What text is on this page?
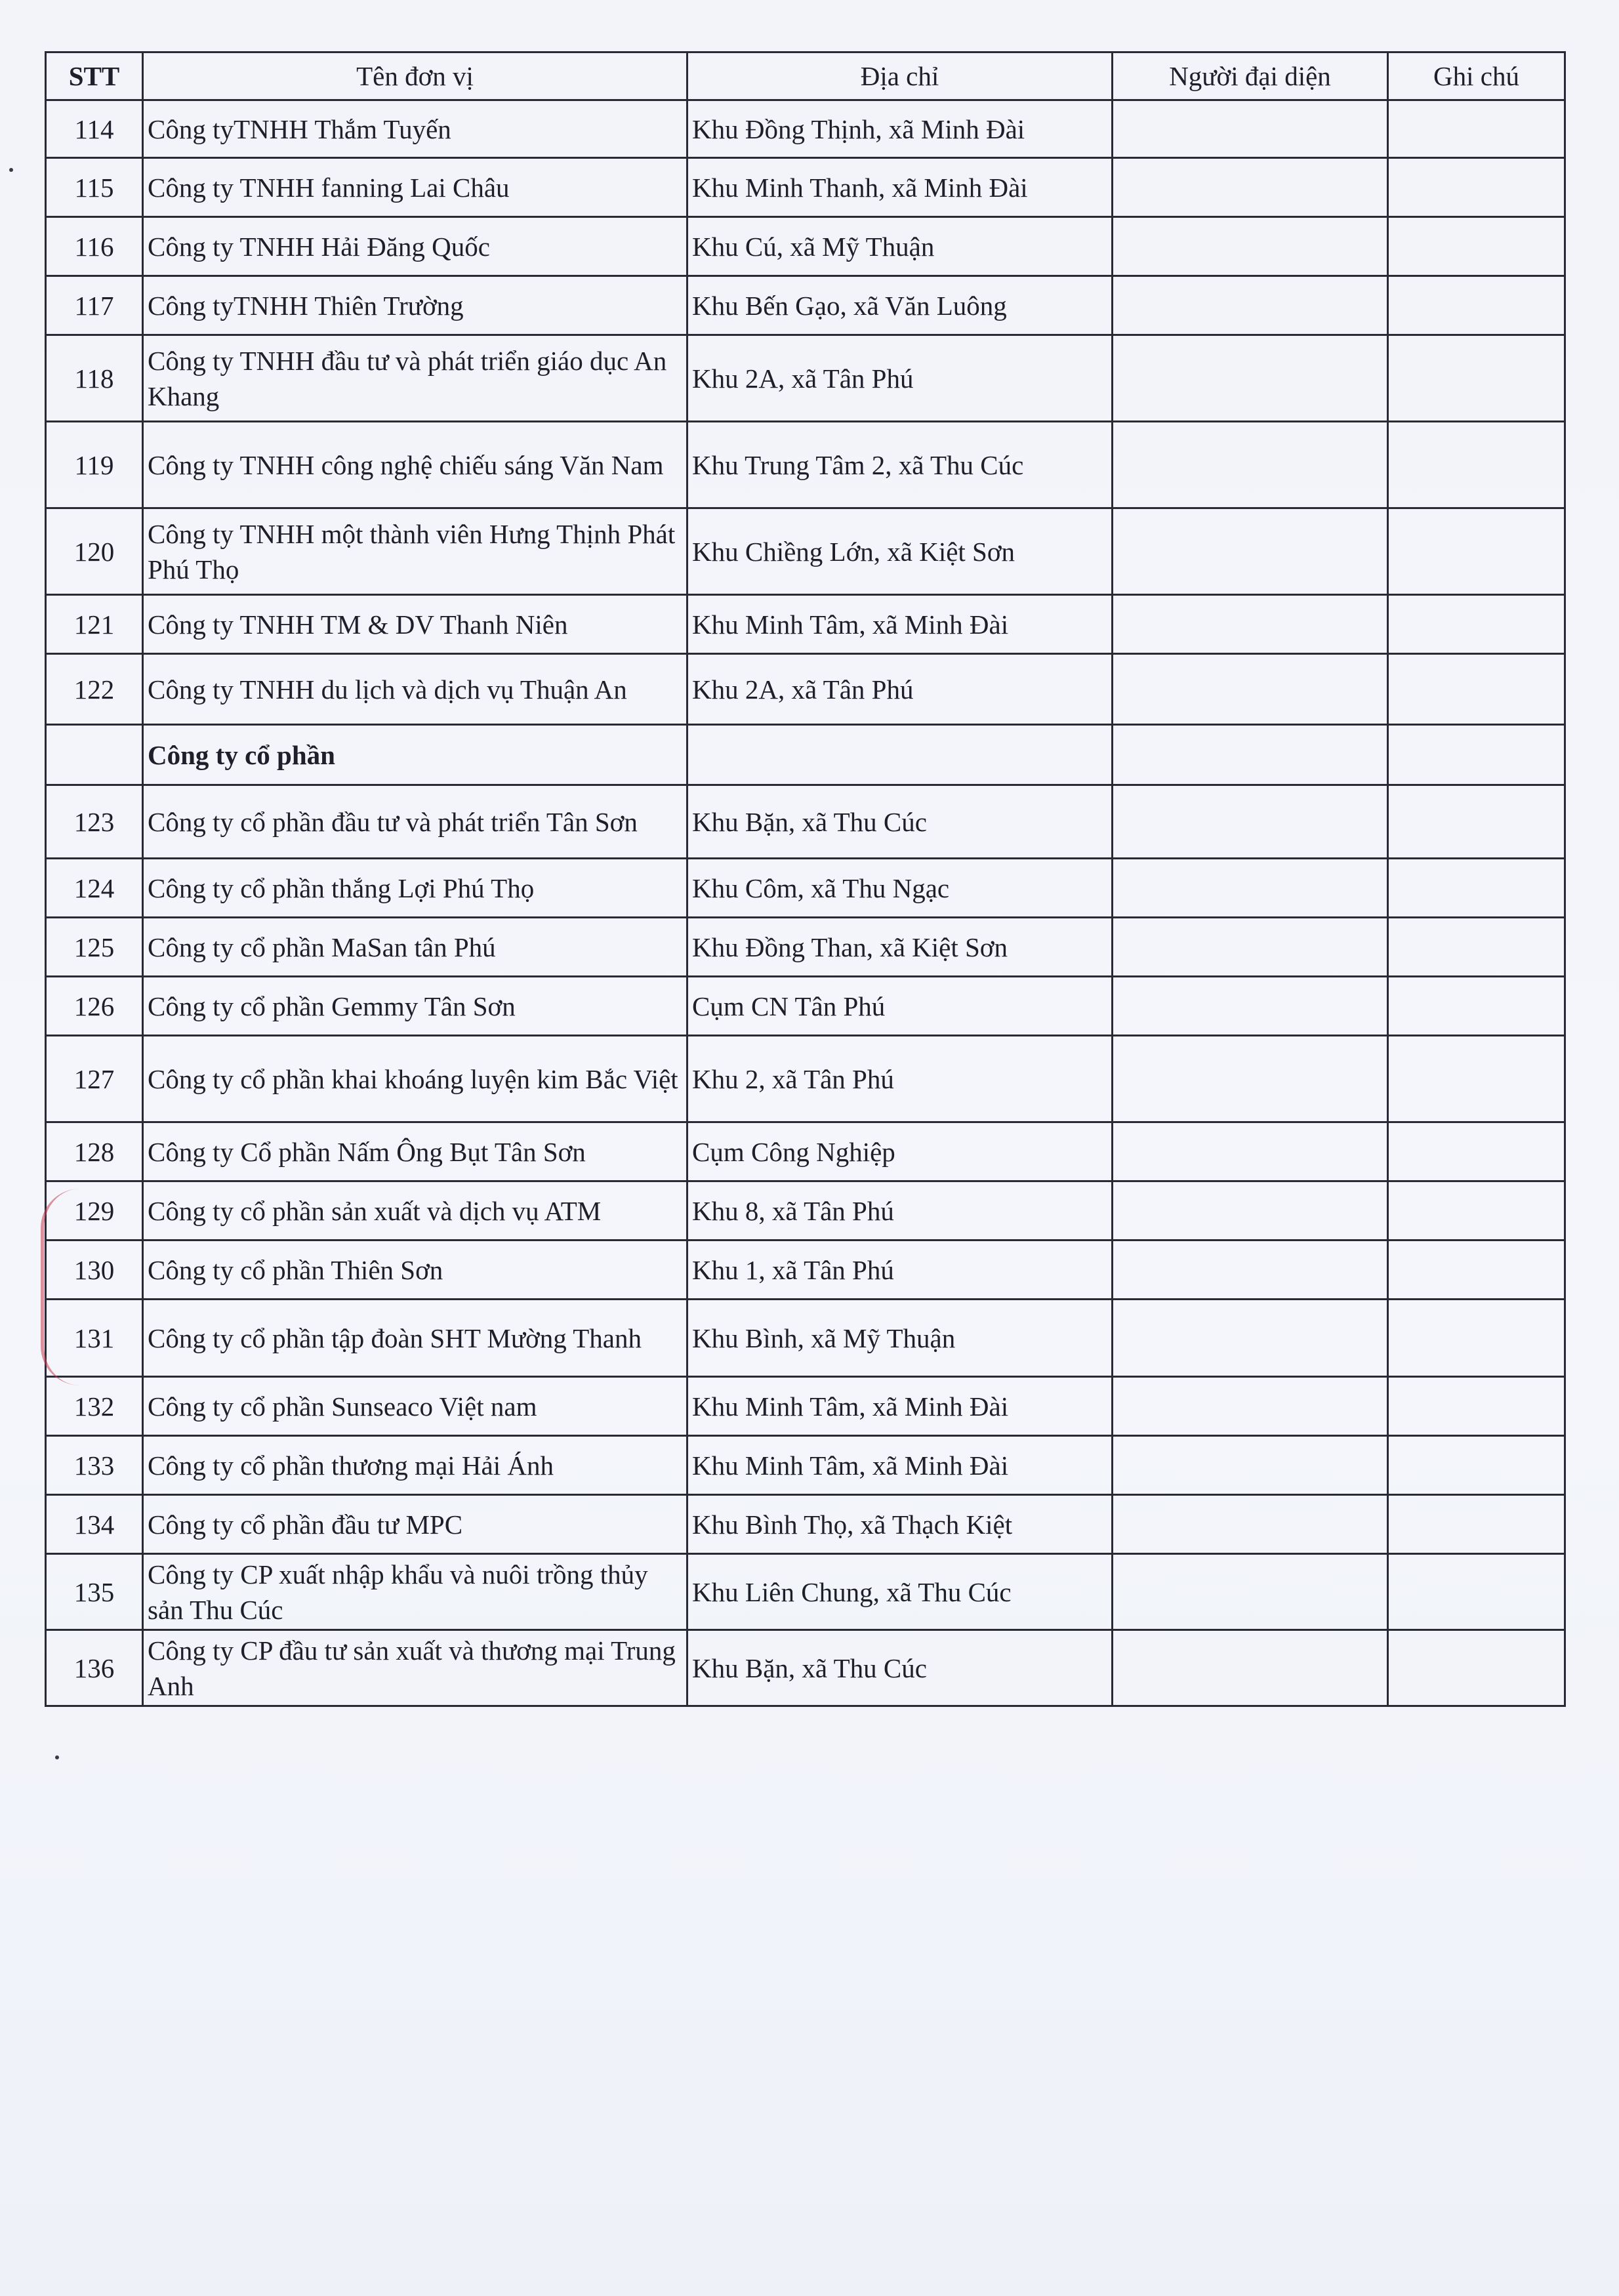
STT	Tên đơn vị	Địa chỉ	Người đại diện	Ghi chú
114	Công tyTNHH Thắm Tuyến	Khu Đồng Thịnh, xã Minh Đài		
115	Công ty TNHH fanning Lai Châu	Khu Minh Thanh, xã Minh Đài		
116	Công ty TNHH Hải Đăng Quốc	Khu Cú, xã Mỹ Thuận		
117	Công tyTNHH Thiên Trường	Khu Bến Gạo, xã Văn Luông		
118	Công ty TNHH đầu tư và phát triển giáo dục An Khang	Khu 2A, xã Tân Phú		
119	Công ty TNHH công nghệ chiếu sáng Văn Nam	Khu Trung Tâm 2, xã Thu Cúc		
120	Công ty TNHH một thành viên Hưng Thịnh Phát Phú Thọ	Khu Chiềng Lớn, xã Kiệt Sơn		
121	Công ty TNHH TM & DV Thanh Niên	Khu Minh Tâm, xã Minh Đài		
122	Công ty TNHH du lịch và dịch vụ Thuận An	Khu 2A, xã Tân Phú		
	Công ty cổ phần			
123	Công ty cổ phần đầu tư và phát triển Tân Sơn	Khu Bặn, xã Thu Cúc		
124	Công ty cổ phần thắng Lợi Phú Thọ	Khu Côm, xã Thu Ngạc		
125	Công ty cổ phần MaSan tân Phú	Khu Đồng Than, xã Kiệt Sơn		
126	Công ty cổ phần Gemmy Tân Sơn	Cụm CN Tân Phú		
127	Công ty cổ phần khai khoáng luyện kim Bắc Việt	Khu 2, xã Tân Phú		
128	Công ty Cổ phần Nấm Ông Bụt Tân Sơn	Cụm Công Nghiệp		
129	Công ty cổ phần sản xuất và dịch vụ ATM	Khu 8, xã Tân Phú		
130	Công ty cổ phần Thiên Sơn	Khu 1, xã Tân Phú		
131	Công ty cổ phần tập đoàn SHT Mường Thanh	Khu Bình, xã Mỹ Thuận		
132	Công ty cổ phần Sunseaco Việt nam	Khu Minh Tâm, xã Minh Đài		
133	Công ty cổ phần thương mại Hải Ánh	Khu Minh Tâm, xã Minh Đài		
134	Công ty cổ phần đầu tư MPC	Khu Bình Thọ, xã Thạch Kiệt		
135	Công ty CP xuất nhập khẩu và nuôi trồng thủy sản Thu Cúc	Khu Liên Chung, xã Thu Cúc		
136	Công ty CP đầu tư sản xuất và thương mại Trung Anh	Khu Bặn, xã Thu Cúc		
